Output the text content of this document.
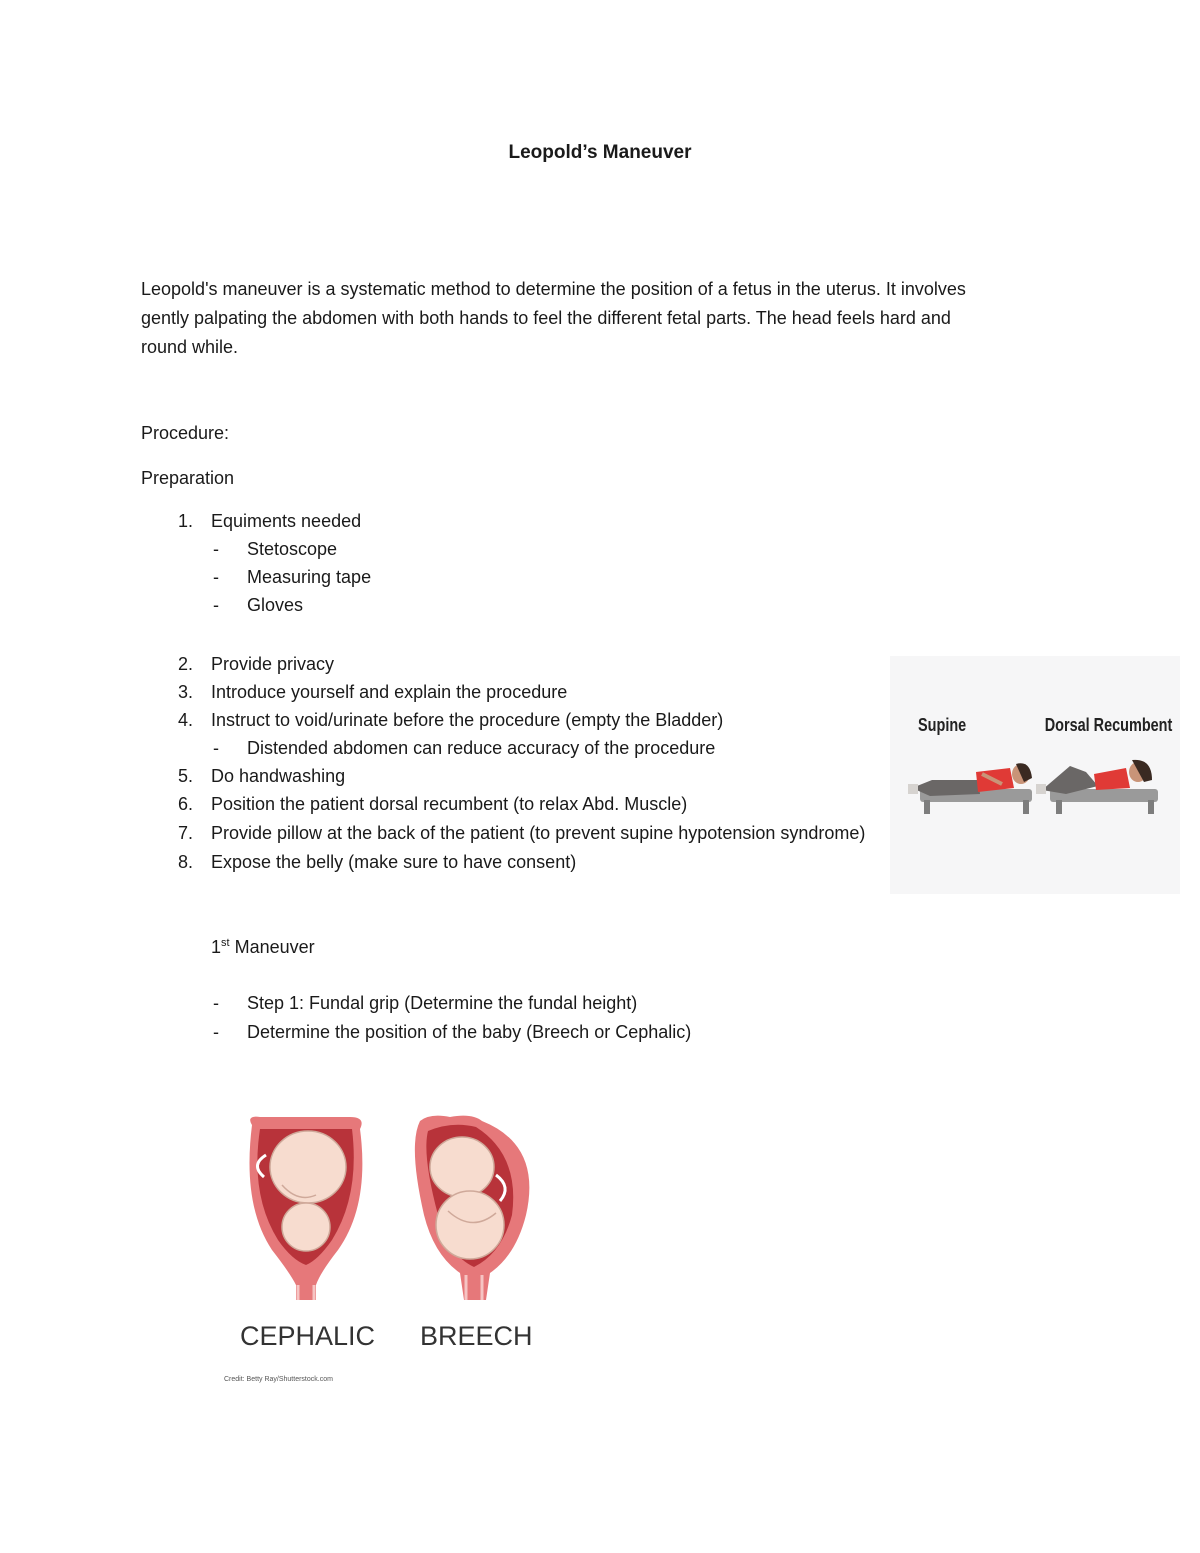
Leopold’s Maneuver

Leopold's maneuver is a systematic method to determine the position of a fetus in the uterus. It involves

gently palpating the abdomen with both hands to feel the different fetal parts. The head feels hard and

round while.

Procedure:
Preparation
1. Equiments needed
- Stetoscope
- Measuring tape
- Gloves
Supine	Dorsal Recumbent
2. Provide privacy
3. Introduce yourself and explain the procedure
4. Instruct to void/urinate before the procedure (empty the Bladder)
- Distended abdomen can reduce accuracy of the procedure
5. Do handwashing
6. Position the patient dorsal recumbent (to relax Abd. Muscle)
7. Provide pillow at the back of the patient (to prevent supine hypotension syndrome)
8. Expose the belly (make sure to have consent)
1st Maneuver
- Step 1: Fundal grip (Determine the fundal height)
- Determine the position of the baby (Breech or Cephalic)
CEPHALIC BREECH
Credit: Betty Ray/Shutterstock.com
